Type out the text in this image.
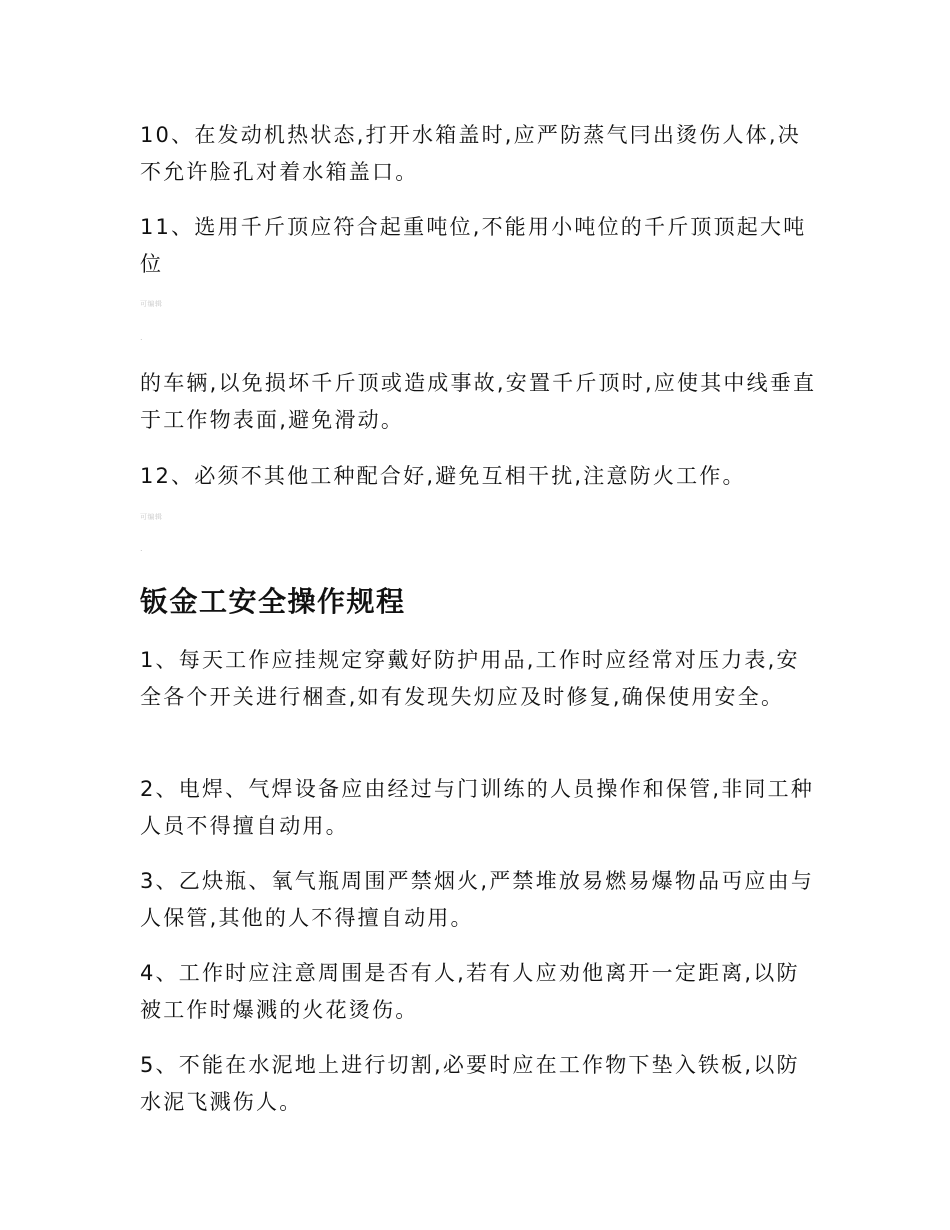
10、在发动机热状态,打开水箱盖时,应严防蒸气冃出烫伤人体,决不允许脸孔对着水箱盖口。

11、选用千斤顶应符合起重吨位,不能用小吨位的千斤顶顶起大吨位

可编辑
.

的车辆,以免损坏千斤顶或造成事故,安置千斤顶时,应使其中线垂直于工作物表面,避免滑动。

12、必须不其他工种配合好,避免互相干扰,注意防火工作。

可编辑
.
钣金工安全操作规程

1、每天工作应挂规定穿戴好防护用品,工作时应经常对压力表,安全各个开关进行梱查,如有发现失灱应及时修复,确保使用安全。

2、电焊、气焊设备应由经过与门训练的人员操作和保管,非同工种人员不得擅自动用。

3、乙炔瓶、氧气瓶周围严禁烟火,严禁堆放易燃易爆物品丏应由与人保管,其他的人不得擅自动用。

4、工作时应注意周围是否有人,若有人应劝他离开一定距离,以防被工作时爆溅的火花烫伤。

5、不能在水泥地上进行切割,必要时应在工作物下垫入铁板,以防水泥飞溅伤人。
